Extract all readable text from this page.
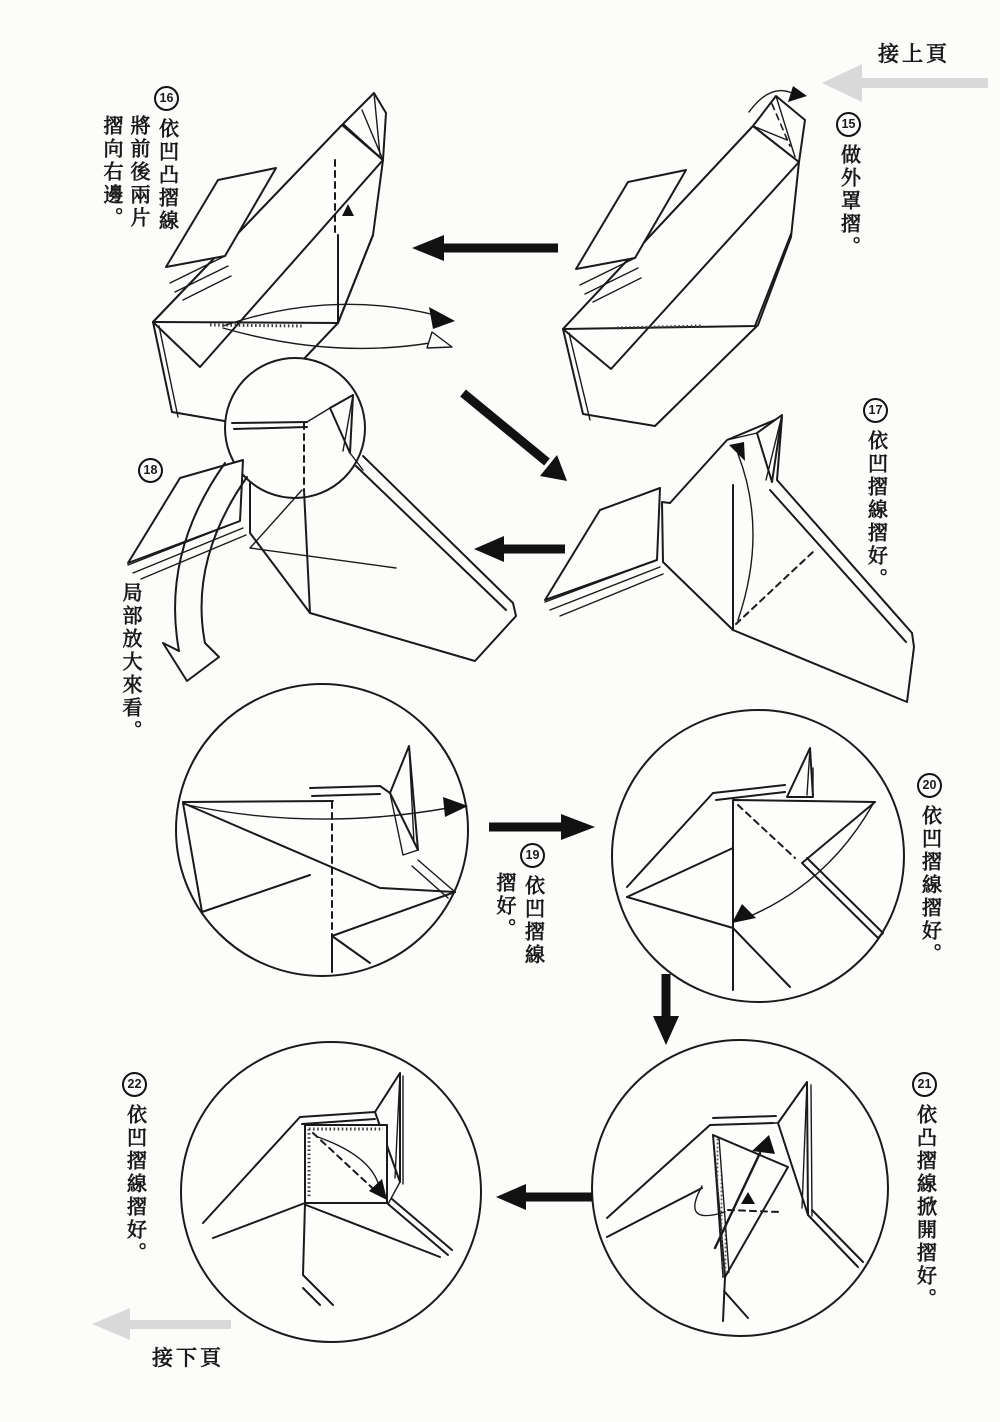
接上頁
15做外罩摺。
16依凹凸摺線
將前後兩片
摺向右邊。
17依凹摺線摺好。
18
局部放大來看。
19依凹摺線
摺好。
20依凹摺線摺好。
21依凸摺線掀開摺好。
22依凹摺線摺好。
接下頁
